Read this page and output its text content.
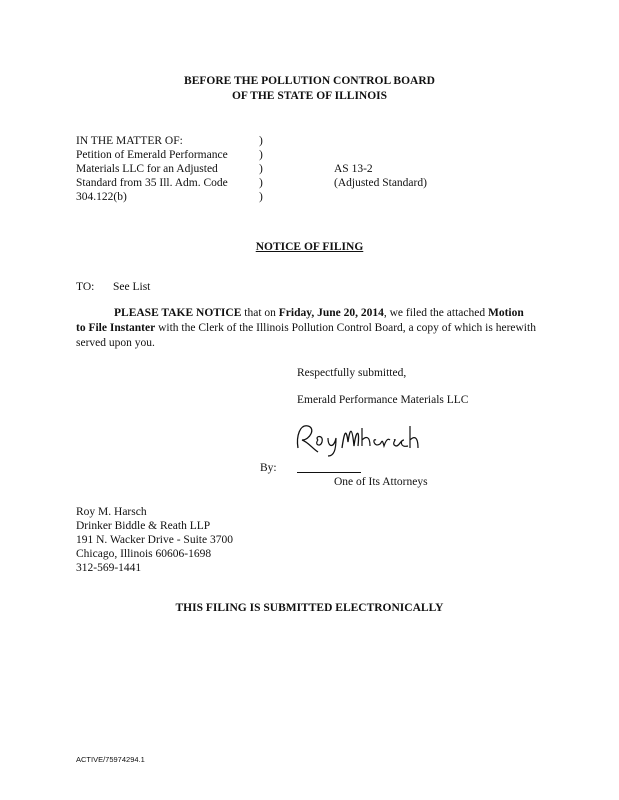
BEFORE THE POLLUTION CONTROL BOARD
OF THE STATE OF ILLINOIS
IN THE MATTER OF:
Petition of Emerald Performance
Materials LLC for an Adjusted
Standard from 35 Ill. Adm. Code
304.122(b)
)
)
)
)
)
AS 13-2
(Adjusted Standard)
NOTICE OF FILING
TO: See List
PLEASE TAKE NOTICE that on Friday, June 20, 2014, we filed the attached Motion to File Instanter with the Clerk of the Illinois Pollution Control Board, a copy of which is herewith served upon you.
Respectfully submitted,
Emerald Performance Materials LLC
By:
One of Its Attorneys
Roy M. Harsch
Drinker Biddle & Reath LLP
191 N. Wacker Drive - Suite 3700
Chicago, Illinois 60606-1698
312-569-1441
THIS FILING IS SUBMITTED ELECTRONICALLY
ACTIVE/75974294.1
